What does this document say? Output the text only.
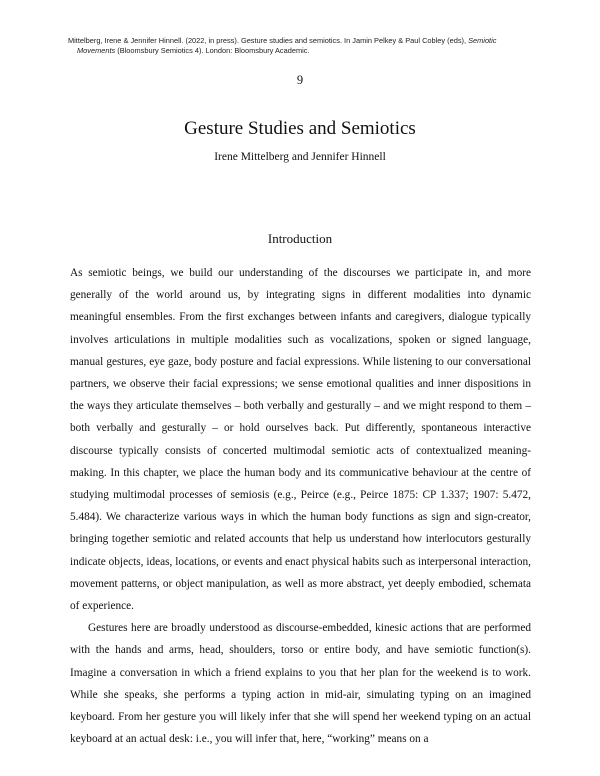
Mittelberg, Irene & Jennifer Hinnell. (2022, in press). Gesture studies and semiotics. In Jamin Pelkey & Paul Cobley (eds), Semiotic
Movements (Bloomsbury Semiotics 4). London: Bloomsbury Academic.
9
Gesture Studies and Semiotics
Irene Mittelberg and Jennifer Hinnell
Introduction

As semiotic beings, we build our understanding of the discourses we participate in, and more generally of the world around us, by integrating signs in different modalities into dynamic meaningful ensembles. From the first exchanges between infants and caregivers, dialogue typically involves articulations in multiple modalities such as vocalizations, spoken or signed language, manual gestures, eye gaze, body posture and facial expressions. While listening to our conversational partners, we observe their facial expressions; we sense emotional qualities and inner dispositions in the ways they articulate themselves – both verbally and gesturally – and we might respond to them – both verbally and gesturally – or hold ourselves back. Put differently, spontaneous interactive discourse typically consists of concerted multimodal semiotic acts of contextualized meaning-making. In this chapter, we place the human body and its communicative behaviour at the centre of studying multimodal processes of semiosis (e.g., Peirce (e.g., Peirce 1875: CP 1.337; 1907: 5.472, 5.484). We characterize various ways in which the human body functions as sign and sign-creator, bringing together semiotic and related accounts that help us understand how interlocutors gesturally indicate objects, ideas, locations, or events and enact physical habits such as interpersonal interaction, movement patterns, or object manipulation, as well as more abstract, yet deeply embodied, schemata of experience.

Gestures here are broadly understood as discourse-embedded, kinesic actions that are performed with the hands and arms, head, shoulders, torso or entire body, and have semiotic function(s). Imagine a conversation in which a friend explains to you that her plan for the weekend is to work. While she speaks, she performs a typing action in mid-air, simulating typing on an imagined keyboard. From her gesture you will likely infer that she will spend her weekend typing on an actual keyboard at an actual desk: i.e., you will infer that, here, “working” means on a
